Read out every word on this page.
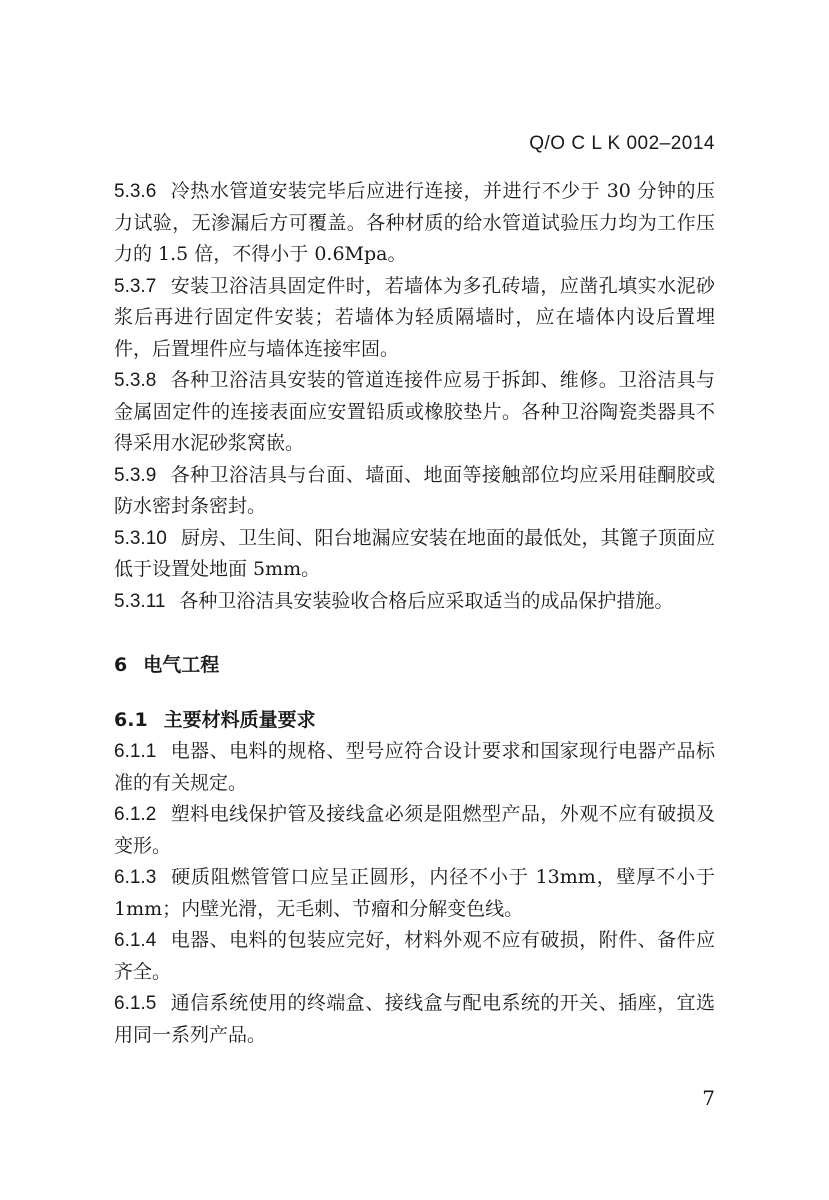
Q/O C L K 002–2014

5.3.6 冷热水管道安装完毕后应进行连接，并进行不少于 30 分钟的压力试验，无渗漏后方可覆盖。各种材质的给水管道试验压力均为工作压力的 1.5 倍，不得小于 0.6Mpa。

5.3.7 安装卫浴洁具固定件时，若墙体为多孔砖墙，应凿孔填实水泥砂浆后再进行固定件安装；若墙体为轻质隔墙时，应在墙体内设后置埋件，后置埋件应与墙体连接牢固。

5.3.8 各种卫浴洁具安装的管道连接件应易于拆卸、维修。卫浴洁具与金属固定件的连接表面应安置铅质或橡胶垫片。各种卫浴陶瓷类器具不得采用水泥砂浆窝嵌。

5.3.9 各种卫浴洁具与台面、墙面、地面等接触部位均应采用硅酮胶或防水密封条密封。

5.3.10 厨房、卫生间、阳台地漏应安装在地面的最低处，其篦子顶面应低于设置处地面 5mm。

5.3.11 各种卫浴洁具安装验收合格后应采取适当的成品保护措施。

6 电气工程
6.1 主要材料质量要求

6.1.1 电器、电料的规格、型号应符合设计要求和国家现行电器产品标准的有关规定。

6.1.2 塑料电线保护管及接线盒必须是阻燃型产品，外观不应有破损及变形。

6.1.3 硬质阻燃管管口应呈正圆形，内径不小于 13mm，壁厚不小于 1mm；内壁光滑，无毛刺、节瘤和分解变色线。

6.1.4 电器、电料的包装应完好，材料外观不应有破损，附件、备件应齐全。

6.1.5 通信系统使用的终端盒、接线盒与配电系统的开关、插座，宜选用同一系列产品。

7
